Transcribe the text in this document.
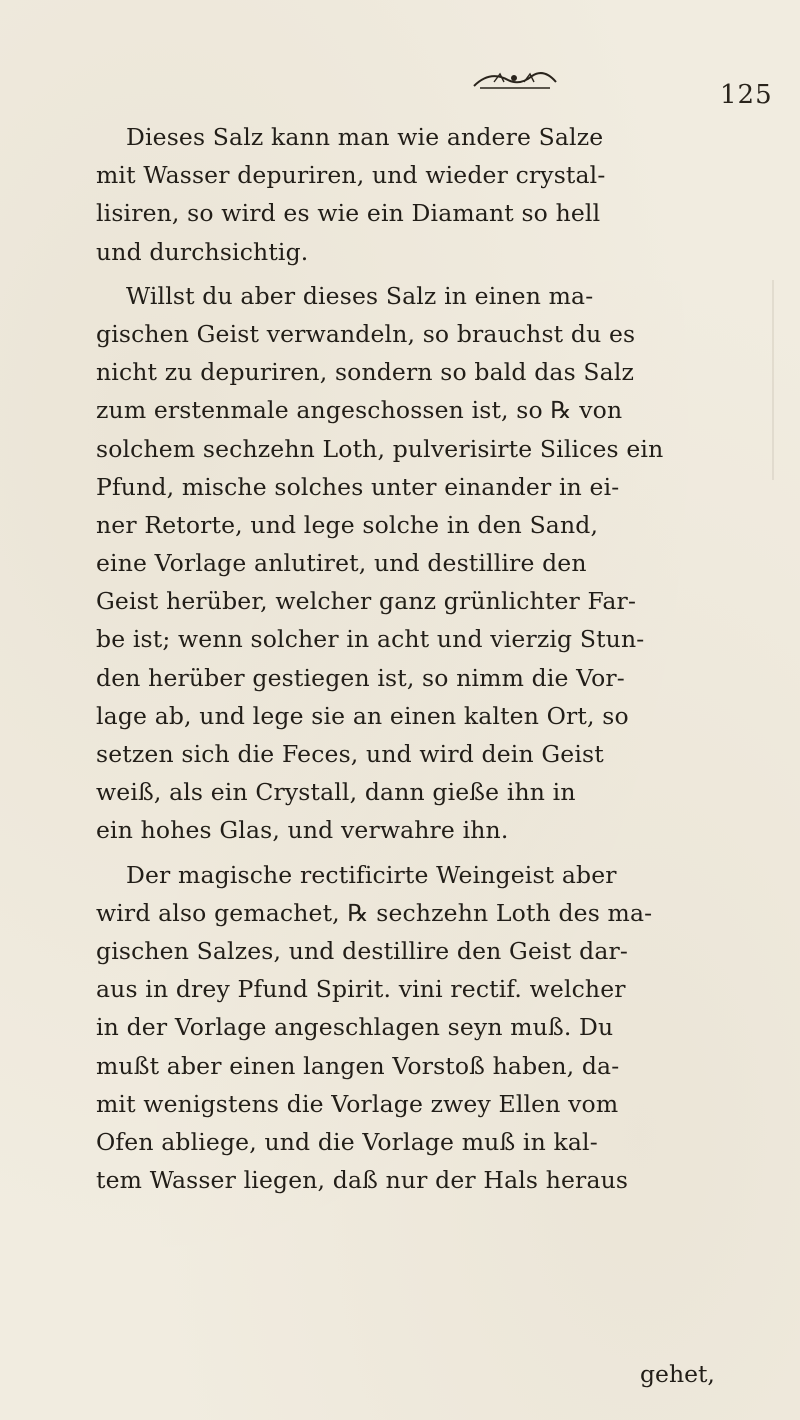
125
Dieses Salz kann man wie andere Salze
mit Wasser depuriren, und wieder crystal-
lisiren, so wird es wie ein Diamant so hell
und durchsichtig.
Willst du aber dieses Salz in einen ma-
gischen Geist verwandeln, so brauchst du es
nicht zu depuriren, sondern so bald das Salz
zum erstenmale angeschossen ist, so ℞ von
solchem sechzehn Loth, pulverisirte Silices ein
Pfund, mische solches unter einander in ei-
ner Retorte, und lege solche in den Sand,
eine Vorlage anlutiret, und destillire den
Geist herüber, welcher ganz grünlichter Far-
be ist; wenn solcher in acht und vierzig Stun-
den herüber gestiegen ist, so nimm die Vor-
lage ab, und lege sie an einen kalten Ort, so
setzen sich die Feces, und wird dein Geist
weiß, als ein Crystall, dann gieße ihn in
ein hohes Glas, und verwahre ihn.
Der magische rectificirte Weingeist aber
wird also gemachet, ℞ sechzehn Loth des ma-
gischen Salzes, und destillire den Geist dar-
aus in drey Pfund Spirit. vini rectif. welcher
in der Vorlage angeschlagen seyn muß. Du
mußt aber einen langen Vorstoß haben, da-
mit wenigstens die Vorlage zwey Ellen vom
Ofen abliege, und die Vorlage muß in kal-
tem Wasser liegen, daß nur der Hals heraus
gehet,
